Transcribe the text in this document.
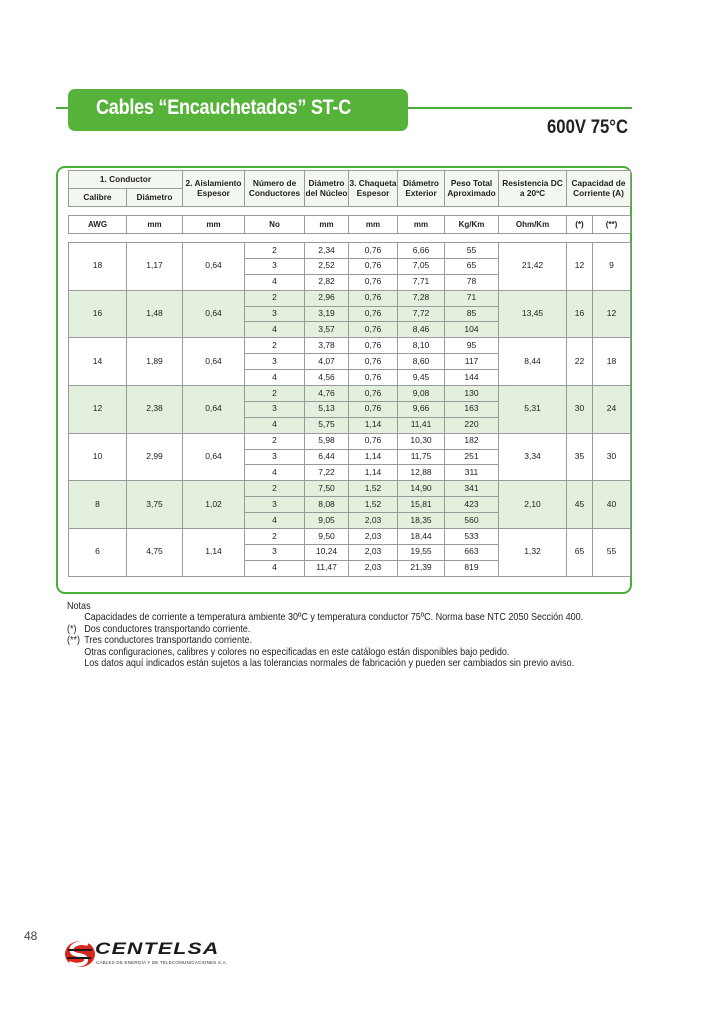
Cables “Encauchetados” ST-C
600V 75°C
1. Conductor		2. Aislamiento Espesor	Número de Conductores	Diámetro del Núcleo	3. Chaqueta Espesor	Diámetro Exterior	Peso Total Aproximado	Resistencia DC a 20ºC	Capacidad de Corriente (A)	
Calibre	Diámetro									

AWG	mm	mm	No	mm	mm	mm	Kg/Km	Ohm/Km	(*)	(**)

18	1,17	0,64	2	2,34	0,76	6,66	55	21,42	12	9
			3	2,52	0,76	7,05	65			
			4	2,82	0,76	7,71	78			
16	1,48	0,64	2	2,96	0,76	7,28	71	13,45	16	12
			3	3,19	0,76	7,72	85			
			4	3,57	0,76	8,46	104			
14	1,89	0,64	2	3,78	0,76	8,10	95	8,44	22	18
			3	4,07	0,76	8,60	117			
			4	4,56	0,76	9,45	144			
12	2,38	0,64	2	4,76	0,76	9,08	130	5,31	30	24
			3	5,13	0,76	9,66	163			
			4	5,75	1,14	11,41	220			
10	2,99	0,64	2	5,98	0,76	10,30	182	3,34	35	30
			3	6,44	1,14	11,75	251			
			4	7,22	1,14	12,88	311			
8	3,75	1,02	2	7,50	1,52	14,90	341	2,10	45	40
			3	8,08	1,52	15,81	423			
			4	9,05	2,03	18,35	560			
6	4,75	1,14	2	9,50	2,03	18,44	533	1,32	65	55
			3	10,24	2,03	19,55	663			
			4	11,47	2,03	21,39	819			
Notas
Capacidades de corriente a temperatura ambiente 30ºC y temperatura conductor 75ºC. Norma base NTC 2050 Sección 400.
(*) Dos conductores transportando corriente.
(**) Tres conductores transportando corriente.
Otras configuraciones, calibres y colores no especificadas en este catálogo están disponibles bajo pedido.
Los datos aquí indicados están sujetos a las tolerancias normales de fabricación y pueden ser cambiados sin previo aviso.
48
CENTELSA
CABLES DE ENERGÍA Y DE TELECOMUNICACIONES S.A.
